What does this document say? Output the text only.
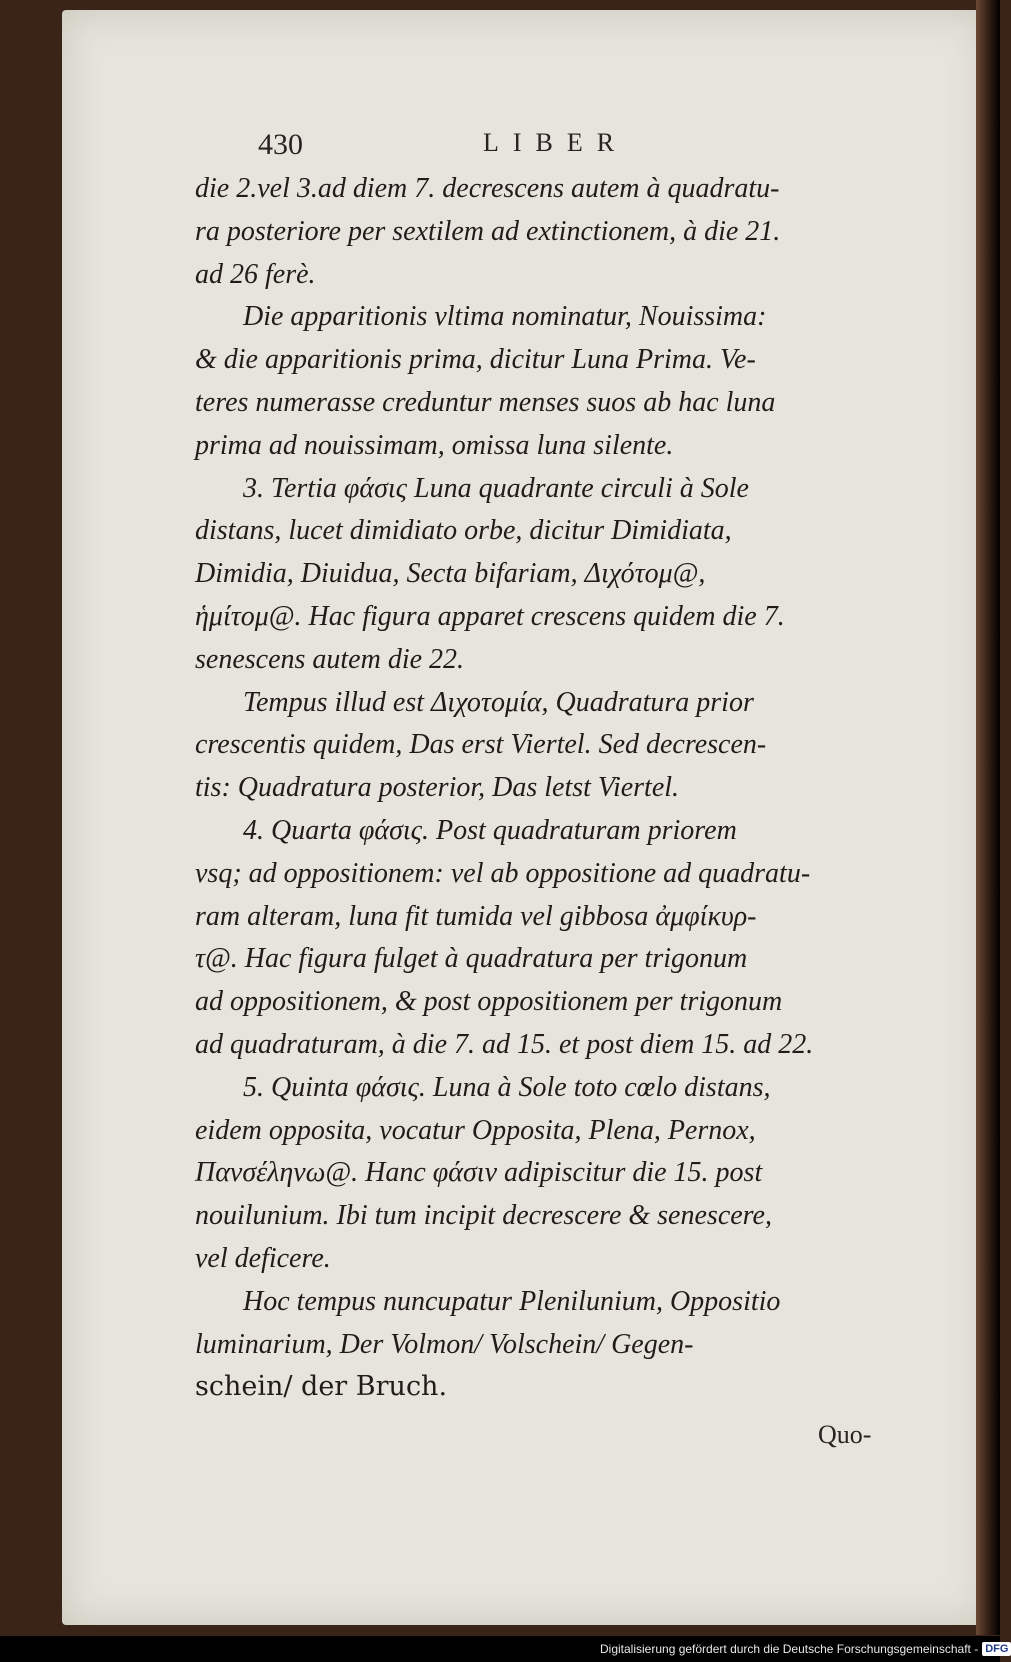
430	LIBER
die 2.vel 3.ad diem 7. decrescens autem à quadratu-
ra posteriore per sextilem ad extinctionem, à die 21.
ad 26 ferè.
Die apparitionis vltima nominatur, Nouissima:
& die apparitionis prima, dicitur Luna Prima. Ve-
teres numerasse creduntur menses suos ab hac luna
prima ad nouissimam, omissa luna silente.
3. Tertia φάσις Luna quadrante circuli à Sole
distans, lucet dimidiato orbe, dicitur Dimidiata,
Dimidia, Diuidua, Secta bifariam, Διχότομ@,
ἡμίτομ@. Hac figura apparet crescens quidem die 7.
senescens autem die 22.
Tempus illud est Διχοτομία, Quadratura prior
crescentis quidem, Das erst Viertel. Sed decrescen-
tis: Quadratura posterior, Das letst Viertel.
4. Quarta φάσις. Post quadraturam priorem
vsq; ad oppositionem: vel ab oppositione ad quadratu-
ram alteram, luna fit tumida vel gibbosa ἀμφίκυρ-
τ@. Hac figura fulget à quadratura per trigonum
ad oppositionem, & post oppositionem per trigonum
ad quadraturam, à die 7. ad 15. et post diem 15. ad 22.
5. Quinta φάσις. Luna à Sole toto cœlo distans,
eidem opposita, vocatur Opposita, Plena, Pernox,
Πανσέληνω@. Hanc φάσιν adipiscitur die 15. post
nouilunium. Ibi tum incipit decrescere & senescere,
vel deficere.
Hoc tempus nuncupatur Plenilunium, Oppositio
luminarium, Der Volmon/ Volschein/ Gegen-
schein/ der Bruch.
Quo-
Digitalisierung gefördert durch die Deutsche Forschungsgemeinschaft - DFG
